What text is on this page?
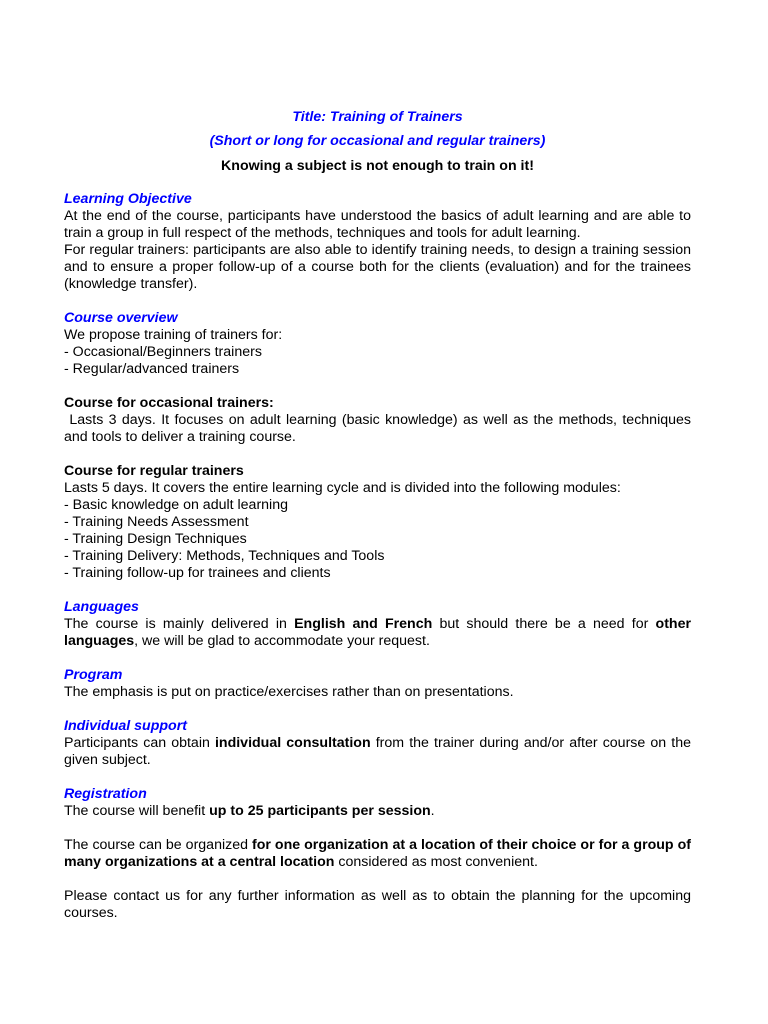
Title: Training of Trainers

(Short or long for occasional and regular trainers)

Knowing a subject is not enough to train on it!

Learning Objective

At the end of the course, participants have understood the basics of adult learning and are able to train a group in full respect of the methods, techniques and tools for adult learning.

For regular trainers: participants are also able to identify training needs, to design a training session and to ensure a proper follow-up of a course both for the clients (evaluation) and for the trainees (knowledge transfer).

Course overview

We propose training of trainers for:

- Occasional/Beginners trainers
- Regular/advanced trainers

Course for occasional trainers:

Lasts 3 days. It focuses on adult learning (basic knowledge) as well as the methods, techniques and tools to deliver a training course.

Course for regular trainers

Lasts 5 days. It covers the entire learning cycle and is divided into the following modules:

- Basic knowledge on adult learning
- Training Needs Assessment
- Training Design Techniques
- Training Delivery: Methods, Techniques and Tools
- Training follow-up for trainees and clients

Languages

The course is mainly delivered in English and French but should there be a need for other languages, we will be glad to accommodate your request.

Program

The emphasis is put on practice/exercises rather than on presentations.

Individual support

Participants can obtain individual consultation from the trainer during and/or after course on the given subject.

Registration

The course will benefit up to 25 participants per session.

The course can be organized for one organization at a location of their choice or for a group of many organizations at a central location considered as most convenient.

Please contact us for any further information as well as to obtain the planning for the upcoming courses.
